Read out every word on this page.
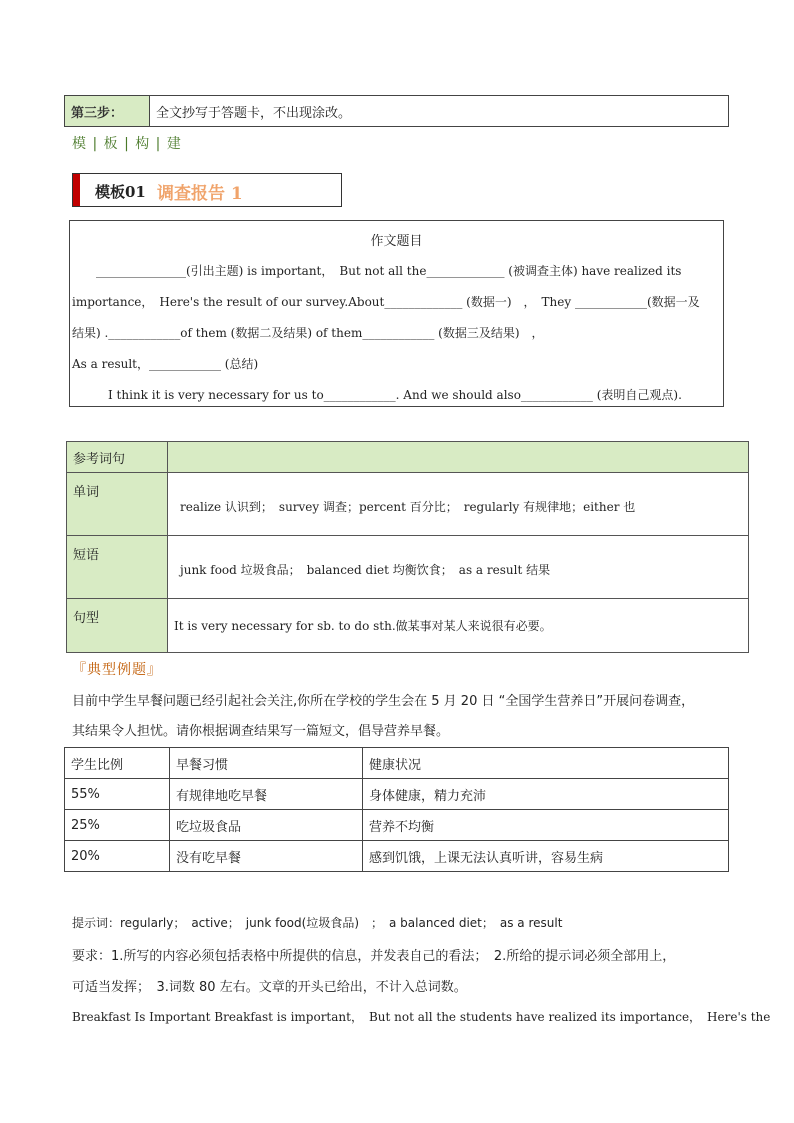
第三步：	全文抄写于答题卡，不出现涂改。
模 | 板 | 构 | 建
模板01 调查报告 1
作文题目
　　_______________(引出主题) is important，　But not all the_____________ (被调查主体) have realized its
importance，　Here's the result of our survey.About_____________ (数据一)　，　They ____________(数据一及
结果) .____________of them (数据二及结果) of them____________ (数据三及结果)　，
As a result，____________ (总结)
　　　I think it is very necessary for us to____________. And we should also____________ (表明自己观点).
参考词句	
单词	realize 认识到；　survey 调查；percent 百分比；　regularly 有规律地；either 也
短语	junk food 垃圾食品；　balanced diet 均衡饮食；　as a result 结果
句型	It is very necessary for sb. to do sth.做某事对某人来说很有必要。
『典型例题』
目前中学生早餐问题已经引起社会关注,你所在学校的学生会在 5 月 20 日 “全国学生营养日”开展问卷调查，
其结果令人担忧。请你根据调查结果写一篇短文，倡导营养早餐。
学生比例	早餐习惯	健康状况
55%	有规律地吃早餐	身体健康，精力充沛
25%	吃垃圾食品	营养不均衡
20%	没有吃早餐	感到饥饿，上课无法认真听讲，容易生病
提示词：regularly；　active；　junk food(垃圾食品)　；　a balanced diet；　as a result
要求：1.所写的内容必须包括表格中所提供的信息，并发表自己的看法；　2.所给的提示词必须全部用上，
可适当发挥；　3.词数 80 左右。文章的开头已给出，不计入总词数。
Breakfast Is Important Breakfast is important，　But not all the students have realized its importance，　Here's the
